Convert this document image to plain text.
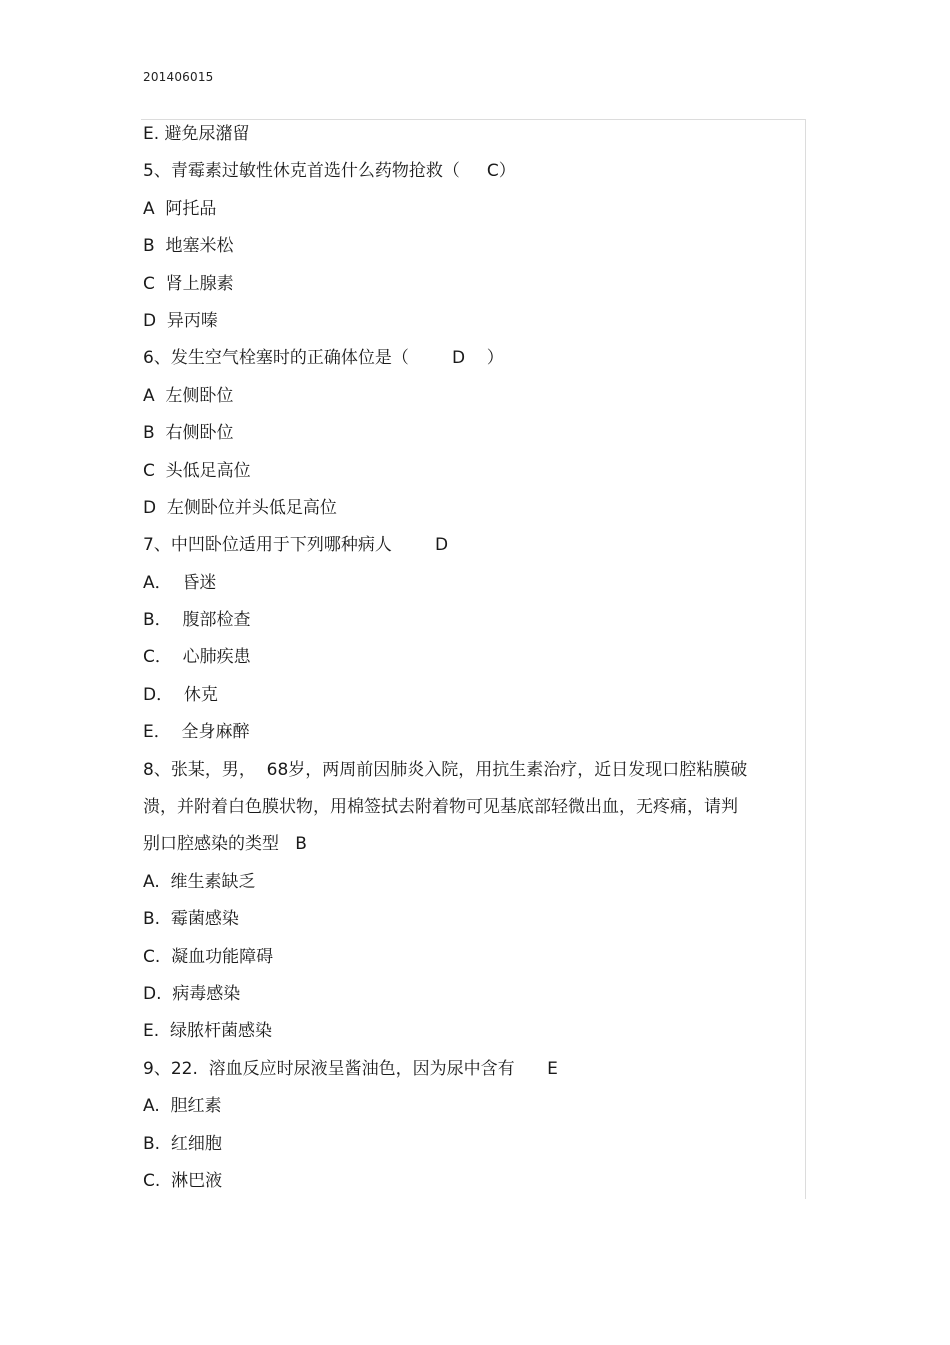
201406015
E. 避免尿潴留
5、青霉素过敏性休克首选什么药物抢救（     C）
A  阿托品
B  地塞米松
C  肾上腺素
D  异丙嗪
6、发生空气栓塞时的正确体位是（        D    ）
A  左侧卧位
B  右侧卧位
C  头低足高位
D  左侧卧位并头低足高位
7、中凹卧位适用于下列哪种病人        D
A．  昏迷
B．  腹部检查
C．  心肺疾患
D．  休克
E．  全身麻醉
8、张某，男，  68岁，两周前因肺炎入院，用抗生素治疗，近日发现口腔粘膜破
溃，并附着白色膜状物，用棉签拭去附着物可见基底部轻微出血，无疼痛，请判
别口腔感染的类型   B
A.  维生素缺乏
B.  霉菌感染
C.  凝血功能障碍
D.  病毒感染
E.  绿脓杆菌感染
9、22.  溶血反应时尿液呈酱油色，因为尿中含有      E
A.  胆红素
B.  红细胞
C.  淋巴液
